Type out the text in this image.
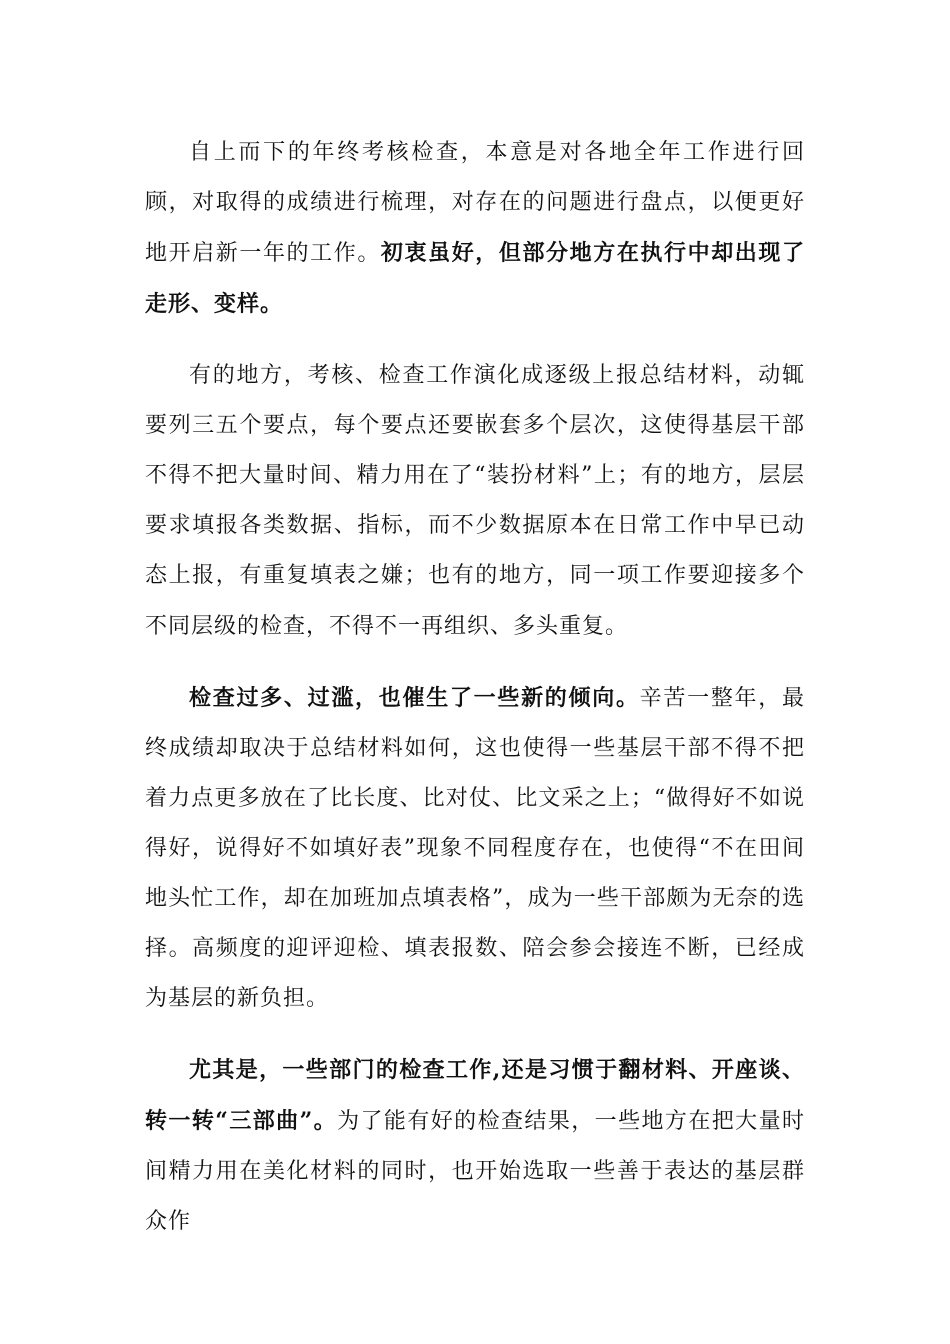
自上而下的年终考核检查，本意是对各地全年工作进行回顾，对取得的成绩进行梳理，对存在的问题进行盘点，以便更好地开启新一年的工作。初衷虽好，但部分地方在执行中却出现了走形、变样。

有的地方，考核、检查工作演化成逐级上报总结材料，动辄要列三五个要点，每个要点还要嵌套多个层次，这使得基层干部不得不把大量时间、精力用在了“装扮材料”上；有的地方，层层要求填报各类数据、指标，而不少数据原本在日常工作中早已动态上报，有重复填表之嫌；也有的地方，同一项工作要迎接多个不同层级的检查，不得不一再组织、多头重复。

检查过多、过滥，也催生了一些新的倾向。辛苦一整年，最终成绩却取决于总结材料如何，这也使得一些基层干部不得不把着力点更多放在了比长度、比对仗、比文采之上；“做得好不如说得好，说得好不如填好表”现象不同程度存在，也使得“不在田间地头忙工作，却在加班加点填表格”，成为一些干部颇为无奈的选择。高频度的迎评迎检、填表报数、陪会参会接连不断，已经成为基层的新负担。

尤其是，一些部门的检查工作,还是习惯于翻材料、开座谈、转一转“三部曲”。为了能有好的检查结果，一些地方在把大量时间精力用在美化材料的同时，也开始选取一些善于表达的基层群众作
